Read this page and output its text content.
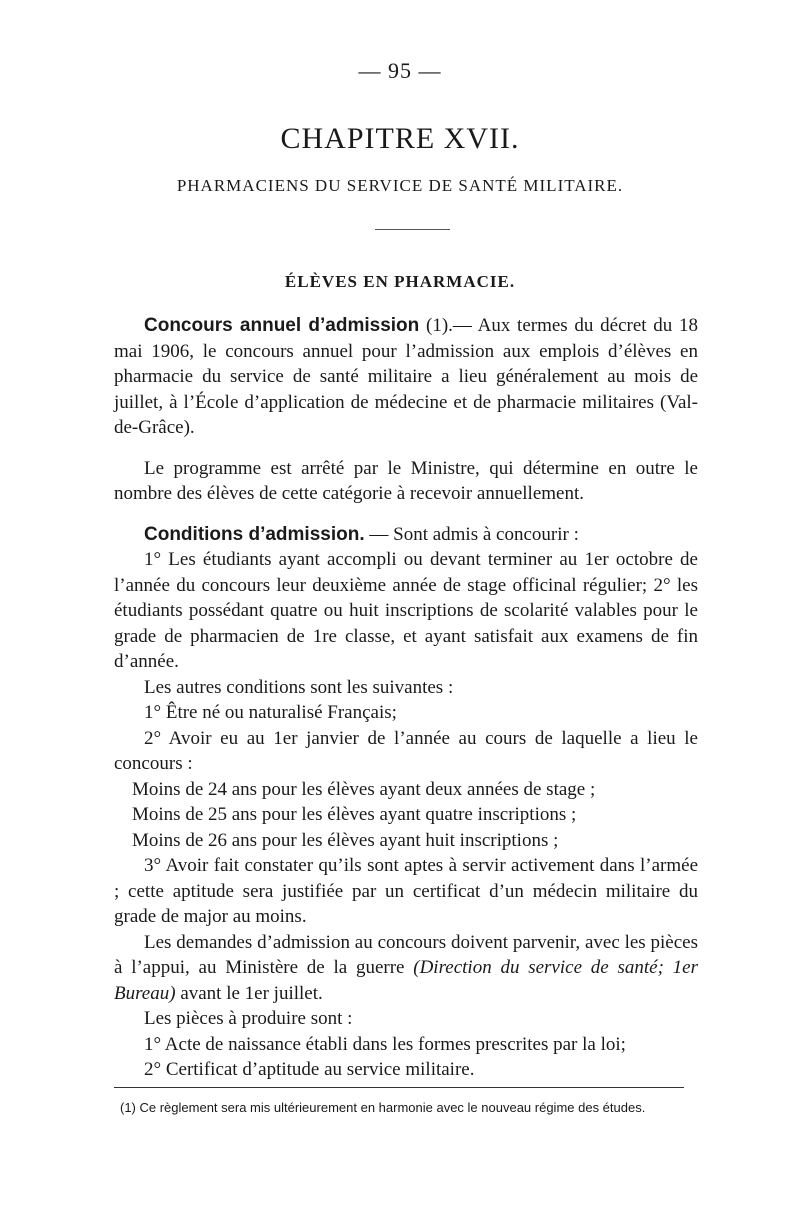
— 95 —
CHAPITRE XVII.
PHARMACIENS DU SERVICE DE SANTÉ MILITAIRE.
ÉLÈVES EN PHARMACIE.

Concours annuel d’admission (1).— Aux termes du décret du 18 mai 1906, le concours annuel pour l’admission aux emplois d’élèves en pharmacie du service de santé militaire a lieu généralement au mois de juillet, à l’École d’application de médecine et de pharmacie militaires (Val-de-Grâce).

Le programme est arrêté par le Ministre, qui détermine en outre le nombre des élèves de cette catégorie à recevoir annuellement.

Conditions d’admission. — Sont admis à concourir :

1° Les étudiants ayant accompli ou devant terminer au 1er octobre de l’année du concours leur deuxième année de stage officinal régulier; 2° les étudiants possédant quatre ou huit inscriptions de scolarité valables pour le grade de pharmacien de 1re classe, et ayant satisfait aux examens de fin d’année.

Les autres conditions sont les suivantes :

1° Être né ou naturalisé Français;

2° Avoir eu au 1er janvier de l’année au cours de laquelle a lieu le concours :

Moins de 24 ans pour les élèves ayant deux années de stage ;

Moins de 25 ans pour les élèves ayant quatre inscriptions ;

Moins de 26 ans pour les élèves ayant huit inscriptions ;

3° Avoir fait constater qu’ils sont aptes à servir activement dans l’armée ; cette aptitude sera justifiée par un certificat d’un médecin militaire du grade de major au moins.

Les demandes d’admission au concours doivent parvenir, avec les pièces à l’appui, au Ministère de la guerre (Direction du service de santé; 1er Bureau) avant le 1er juillet.

Les pièces à produire sont :

1° Acte de naissance établi dans les formes prescrites par la loi;

2° Certificat d’aptitude au service militaire.

(1) Ce règlement sera mis ultérieurement en harmonie avec le nouveau régime des études.
